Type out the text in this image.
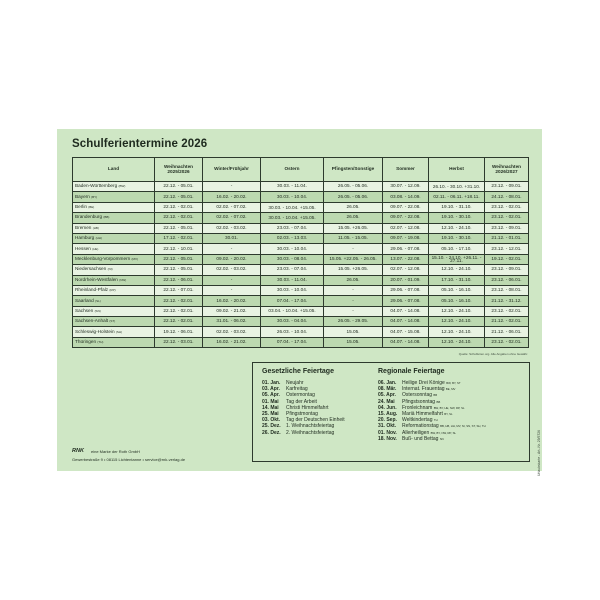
Schulferientermine 2026
Land	Weihnachten 2025/2026	Winter/Frühjahr	Ostern	Pfingsten/Sonstige	Sommer	Herbst	Weihnachten 2026/2027
Baden-Württemberg (BW)	22.12. - 05.01.	-	30.03. - 11.04.	26.05. - 05.06.	30.07. - 12.09.	26.10. - 30.10. +31.10.	23.12. - 09.01.
Bayern (BY)	22.12. - 05.01.	16.02. - 20.02.	30.03. - 10.04.	26.05. - 05.06.	03.08. - 14.09.	02.11. - 06.11. +18.11.	24.12. - 08.01.
Berlin (BE)	22.12. - 02.01.	02.02. - 07.02.	30.03. - 10.04. +15.05.	26.05.	09.07. - 22.08.	19.10. - 31.10.	23.12. - 02.01.
Brandenburg (BB)	22.12. - 02.01.	02.02. - 07.02.	30.03. - 10.04. +15.05.	26.05.	09.07. - 22.08.	19.10. - 30.10.	23.12. - 02.01.
Bremen (HB)	22.12. - 05.01.	02.02. - 03.02.	23.03. - 07.04.	15.05. +26.05.	02.07. - 12.08.	12.10. - 24.10.	23.12. - 09.01.
Hamburg (HH)	17.12. - 02.01.	30.01.	02.03. - 13.03.	11.05. - 15.05.	09.07. - 19.08.	19.10. - 30.10.	21.12. - 01.01.
Hessen (HE)	22.12. - 10.01.	-	30.03. - 10.04.	-	29.06. - 07.08.	05.10. - 17.10.	23.12. - 12.01.
Mecklenburg-Vorpommern (MV)	22.12. - 05.01.	09.02. - 20.02.	30.03. - 08.04.	15.05. +22.05. - 26.05.	13.07. - 22.08.	15.10. - 24.10. +26.11. - 27.11.	19.12. - 02.01.
Niedersachsen (NI)	22.12. - 05.01.	02.02. - 03.02.	23.03. - 07.04.	15.05. +26.05.	02.07. - 12.08.	12.10. - 24.10.	23.12. - 09.01.
Nordrhein-Westfalen (NW)	22.12. - 06.01.	-	30.03. - 11.04.	26.05.	20.07. - 01.09.	17.10. - 31.10.	23.12. - 06.01.
Rheinland-Pfalz (RP)	22.12. - 07.01.	-	30.03. - 10.04.	-	29.06. - 07.08.	05.10. - 16.10.	23.12. - 08.01.
Saarland (SL)	22.12. - 02.01.	16.02. - 20.02.	07.04. - 17.04.	-	29.06. - 07.08.	05.10. - 16.10.	21.12. - 31.12.
Sachsen (SN)	22.12. - 02.01.	09.02. - 21.02.	03.04. - 10.04. +15.05.	-	04.07. - 14.08.	12.10. - 24.10.	23.12. - 02.01.
Sachsen-Anhalt (ST)	22.12. - 02.01.	31.01. - 06.02.	30.03. - 04.04.	26.05. - 29.05.	04.07. - 14.08.	12.10. - 24.10.	21.12. - 02.01.
Schleswig-Holstein (SH)	19.12. - 06.01.	02.02. - 03.02.	26.03. - 10.04.	15.05.	04.07. - 15.08.	12.10. - 24.10.	21.12. - 06.01.
Thüringen (TH)	22.12. - 03.01.	16.02. - 21.02.	07.04. - 17.04.	15.05.	04.07. - 14.08.	12.10. - 24.10.	23.12. - 02.01.
Quelle: Schulferien.org. Alle Angaben ohne Gewähr.
Gesetzliche Feiertage
01. Jan.	Neujahr
03. Apr.	Karfreitag
05. Apr.	Ostermontag
01. Mai	Tag der Arbeit
14. Mai	Christi Himmelfahrt
25. Mai	Pfingstmontag
03. Okt.	Tag der Deutschen Einheit
25. Dez.	1. Weihnachtsfeiertag
26. Dez.	2. Weihnachtsfeiertag
Regionale Feiertage
06. Jan.	Heilige Drei Könige
BW, BY, ST
08. Mär.	Internat. Frauentag
BE, MV
05. Apr.	Ostersonntag
BB
24. Mai	Pfingstsonntag
BB
04. Jun.	Fronleichnam
BW, BY, HE, NW, RP, SL
15. Aug. Mariä Himmelfahrt
BY, SL
20. Sep.	Weltkindertag
TH
31. Okt.	Reformationstag
BB, HB, HH, MV, NI, SN, ST, SH, TH
01. Nov.	Allerheiligen
BW, BY, NW, RP, SL
18. Nov.	Buß- und Bettag
SN
RNK eine Marke der Roth GmbH
Gewerbestraße 9 • 08115 Lichtentanne • service@rnk-verlag.de	Urlaubskarte - Art.-Nr. 29/5726
